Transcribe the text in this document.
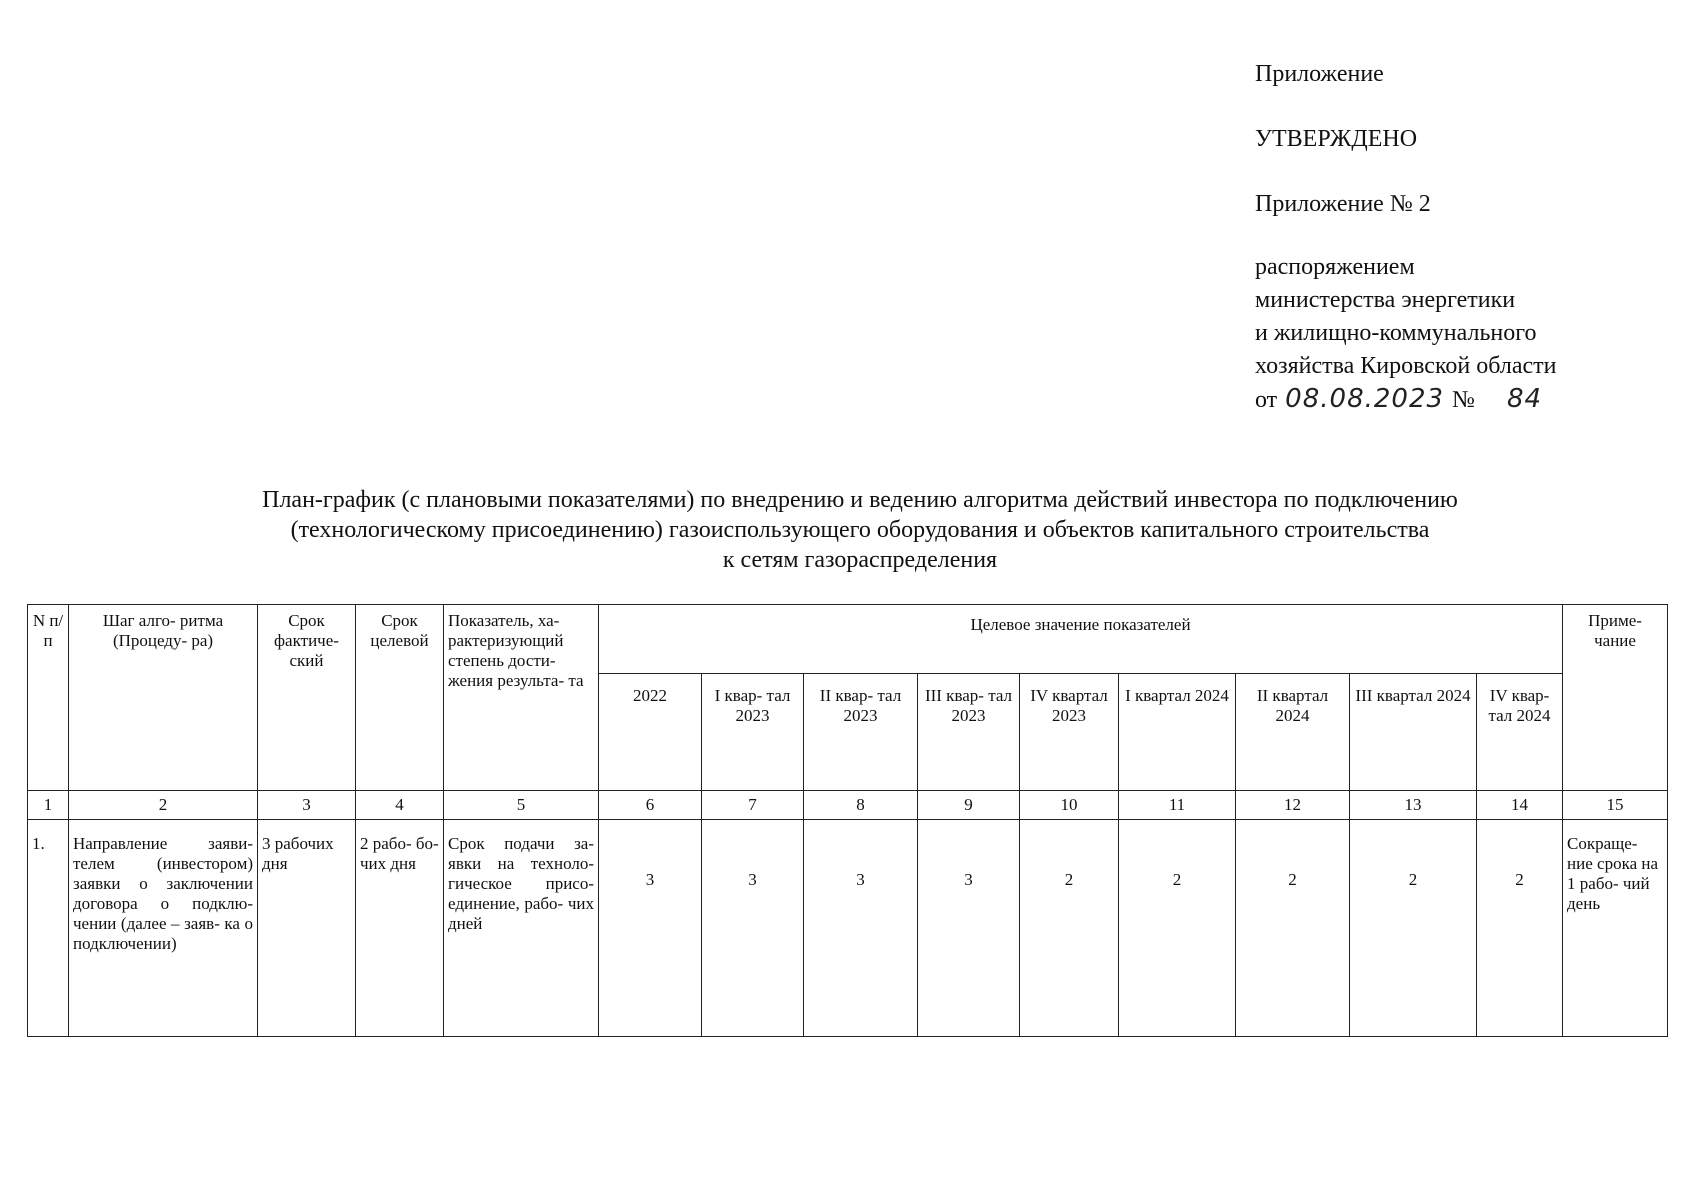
Приложение
УТВЕРЖДЕНО
Приложение № 2
распоряжением
министерства энергетики
и жилищно-коммунального
хозяйства Кировской области
от 08.08.2023 № 84
План-график (с плановыми показателями) по внедрению и ведению алгоритма действий инвестора по подключению
(технологическому присоединению) газоиспользующего оборудования и объектов капитального строительства
к сетям газораспределения
N п/п	Шаг алго- ритма (Процеду- ра)	Срок фактиче- ский	Срок целевой	Показатель, ха- рактеризующий степень дости- жения результа- та	Целевое значение показателей									Приме- чание
					2022	I квар- тал 2023	II квар- тал 2023	III квар- тал 2023	IV квартал 2023	I квартал 2024	II квартал 2024	III квартал 2024	IV квар- тал 2024	
1	2	3	4	5	6	7	8	9	10	11	12	13	14	15
1.	Направление заяви- телем (инвестором) заявки о заключении договора о подклю- чении (далее – заяв- ка о подключении)	3 рабочих дня	2 рабо- бо- чих дня	Срок подачи за- явки на техноло- гическое присо- единение, рабо- чих дней	3	3	3	3	2	2	2	2	2	Сокраще- ние срока на 1 рабо- чий день
